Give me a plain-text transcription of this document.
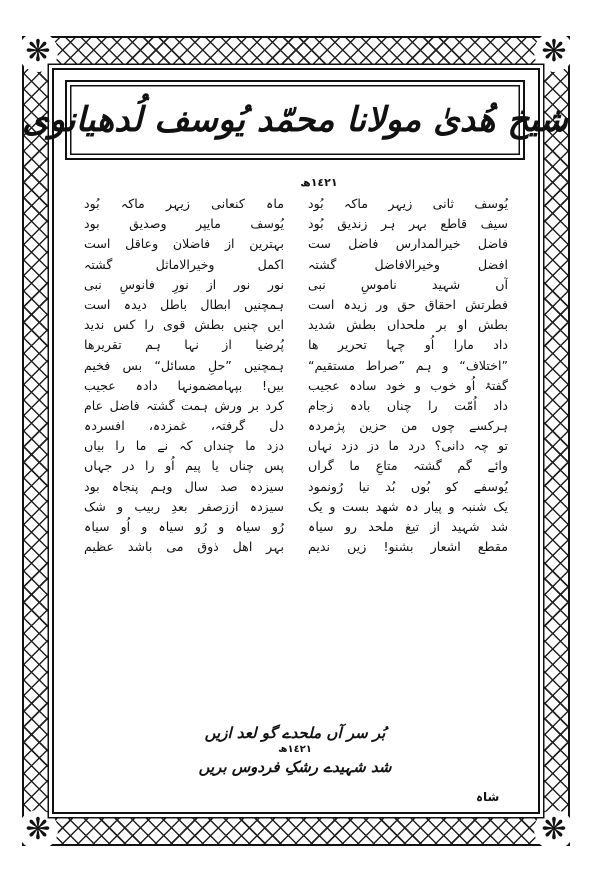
❋	❋
❋	❋
شیخ ھُدیٰ مولانا محمّد یُوسف لُدھیانوی
١٤٢١ھ
یُوسف ثانی زیہر ماکہ بُود
سیف قاطع بہر ہر زندیق بُود
فاضل خیرالمدارس فاضل ست
افضل وخیرالافاضل گشتہ
آں شہید ناموسِ نبی
فطرتش احقاق حق ور زیدہ است
بطش او بر ملحداں بطش شدید
داد مارا اُو چہا تحریر ھا
”اختلاف“ و ہم ”صراط مستقیم“
گفتۂ اُو خوب و خود سادہ عجیب
داد اُمّت را چناں بادہ زجام
ہرکسے چوں من حزین پژمردہ
تو چہ دانی؟ درد ما دز دزد نہاں
وائے گم گشتہ متاعِ ما گراں
یُوسفے کو بُوں بُد نیا رُونمود
یک شنبہ و پیار دہ شھد بست و یک
شد شہید از تیغ ملحد رو سیاہ
مقطع اشعار بشنو! زیں ندیم
ماہ کنعانی زیہر ماکہ بُود
یُوسف مایپر وصدیق بود
بہترین از فاضلان وعاقل است
اکمل وخیرالاماثل گشتہ
نور نور از نورِ فانوسِ نبی
ہمچنیں ابطال باطل دیدہ است
ایں چنیں بطش قوی را کس ندید
پُرضیا از نہا ہم تقریرھا
ہمچنیں ”حلِ مسائل“ بس فخیم
بیں! بپہامضمونہا دادہ عجیب
کرد بر ورش ہمت گشتہ فاضل عام
دل گرفتہ، غمزدہ، افسردہ
دزد ما چنداں کہ نے ما را بیاں
پس چناں یا پیم اُو را در جہاں
سیزدہ صد سال وہم پنجاہ بود
سیزدہ اززصفر بعدِ ربیب و شک
رُو سیاہ و رُو سیاہ و اُو سیاہ
بہر اھل ذوق می باشد عظیم
بُر سر آں ملحدے گو لعد ازیں
١٤٢١ھ
شد شہیدے رشکِ فردوس بریں
شاہ
